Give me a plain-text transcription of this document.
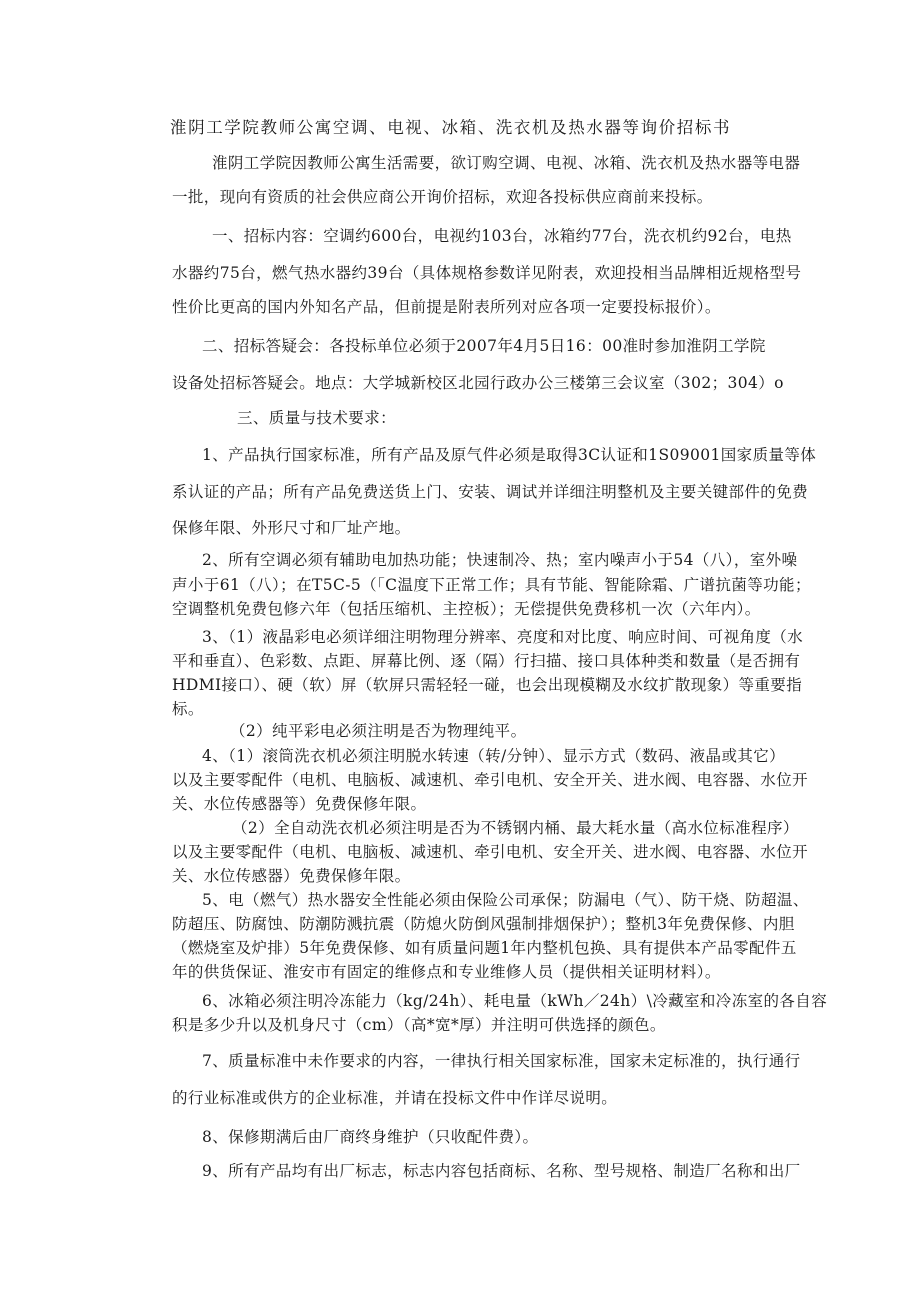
淮阴工学院教师公寓空调、电视、冰箱、洗衣机及热水器等询价招标书

淮阴工学院因教师公寓生活需要，欲订购空调、电视、冰箱、洗衣机及热水器等电器

一批，现向有资质的社会供应商公开询价招标，欢迎各投标供应商前来投标。

一、招标内容：空调约600台，电视约103台，冰箱约77台，洗衣机约92台，电热

水器约75台，燃气热水器约39台（具体规格参数详见附表，欢迎投相当品牌相近规格型号

性价比更高的国内外知名产品，但前提是附表所列对应各项一定要投标报价）。

二、招标答疑会：各投标单位必须于2007年4月5日16：00准时参加淮阴工学院

设备处招标答疑会。地点：大学城新校区北园行政办公三楼第三会议室（302；304）o

三、质量与技术要求：

1、产品执行国家标准，所有产品及原气件必须是取得3C认证和1S09001国家质量等体

系认证的产品；所有产品免费送货上门、安装、调试并详细注明整机及主要关键部件的免费

保修年限、外形尺寸和厂址产地。

2、所有空调必须有辅助电加热功能；快速制冷、热；室内噪声小于54（八），室外噪

声小于61（八）；在T5C-5（「C温度下正常工作；具有节能、智能除霜、广谱抗菌等功能；

空调整机免费包修六年（包括压缩机、主控板）；无偿提供免费移机一次（六年内）。

3、（1）液晶彩电必须详细注明物理分辨率、亮度和对比度、响应时间、可视角度（水

平和垂直）、色彩数、点距、屏幕比例、逐（隔）行扫描、接口具体种类和数量（是否拥有

HDMI接口）、硬（软）屏（软屏只需轻轻一碰，也会出现模糊及水纹扩散现象）等重要指

标。

（2）纯平彩电必须注明是否为物理纯平。

4、（1）滚筒洗衣机必须注明脱水转速（转/分钟）、显示方式（数码、液晶或其它）

以及主要零配件（电机、电脑板、减速机、牵引电机、安全开关、进水阀、电容器、水位开

关、水位传感器等）免费保修年限。

（2）全自动洗衣机必须注明是否为不锈钢内桶、最大耗水量（高水位标准程序）

以及主要零配件（电机、电脑板、减速机、牵引电机、安全开关、进水阀、电容器、水位开

关、水位传感器）免费保修年限。

5、电（燃气）热水器安全性能必须由保险公司承保；防漏电（气）、防干烧、防超温、

防超压、防腐蚀、防潮防溅抗震（防熄火防倒风强制排烟保护）；整机3年免费保修、内胆

（燃烧室及炉排）5年免费保修、如有质量问题1年内整机包换、具有提供本产品零配件五

年的供货保证、淮安市有固定的维修点和专业维修人员（提供相关证明材料）。

6、冰箱必须注明冷冻能力（kg/24h）、耗电量（kWh／24h）\冷藏室和冷冻室的各自容

积是多少升以及机身尺寸（cm）（高*宽*厚）并注明可供选择的颜色。

7、质量标准中未作要求的内容，一律执行相关国家标准，国家未定标准的，执行通行

的行业标准或供方的企业标准，并请在投标文件中作详尽说明。

8、保修期满后由厂商终身维护（只收配件费）。

9、所有产品均有出厂标志，标志内容包括商标、名称、型号规格、制造厂名称和出厂
